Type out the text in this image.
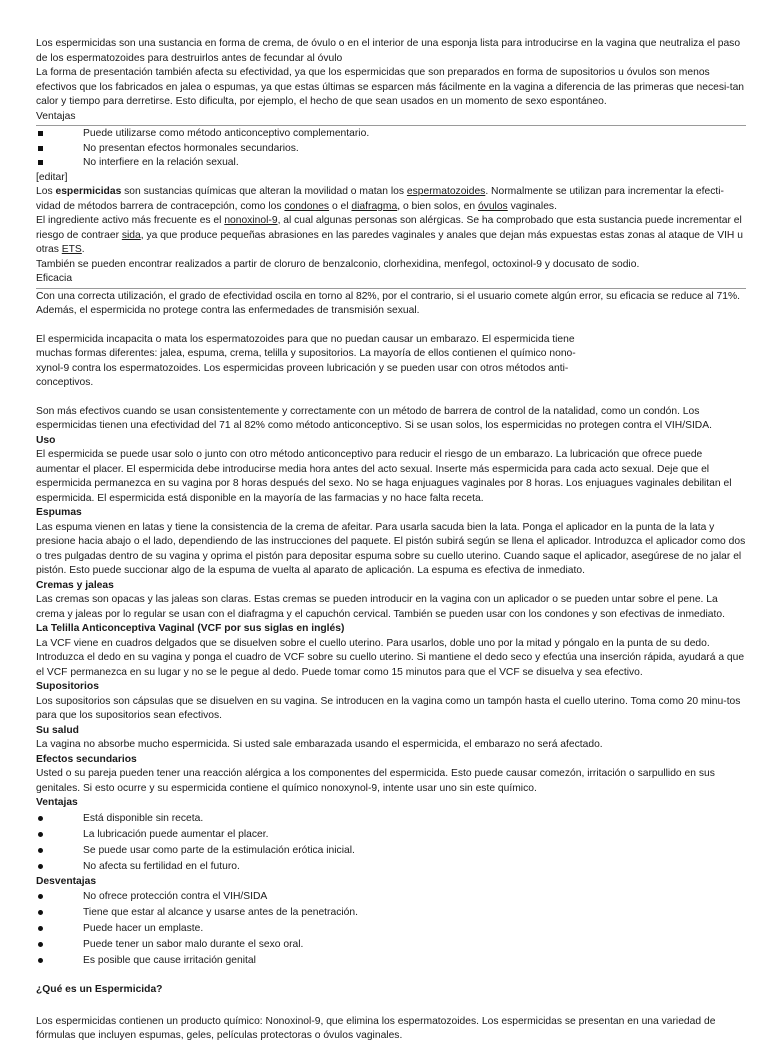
Los espermicidas son una sustancia en forma de crema, de óvulo o en el interior de una esponja lista para introducirse en la vagina que neutraliza el paso de los espermatozoides para destruirlos antes de fecundar al óvulo

La forma de presentación también afecta su efectividad, ya que los espermicidas que son preparados en forma de supositorios u óvulos son menos efectivos que los fabricados en jalea o espumas, ya que estas últimas se esparcen más fácilmente en la vagina a diferencia de las primeras que necesi-tan calor y tiempo para derretirse. Esto dificulta, por ejemplo, el hecho de que sean usados en un momento de sexo espontáneo.

Ventajas

Puede utilizarse como método anticonceptivo complementario.
No presentan efectos hormonales secundarios.
No interfiere en la relación sexual.

[editar]

Los espermicidas son sustancias químicas que alteran la movilidad o matan los espermatozoides. Normalmente se utilizan para incrementar la efecti-vidad de métodos barrera de contracepción, como los condones o el diafragma, o bien solos, en óvulos vaginales.

El ingrediente activo más frecuente es el nonoxinol-9, al cual algunas personas son alérgicas. Se ha comprobado que esta sustancia puede incrementar el riesgo de contraer sida, ya que produce pequeñas abrasiones en las paredes vaginales y anales que dejan más expuestas estas zonas al ataque de VIH u otras ETS.

También se pueden encontrar realizados a partir de cloruro de benzalconio, clorhexidina, menfegol, octoxinol-9 y docusato de sodio.

Eficacia

Con una correcta utilización, el grado de efectividad oscila en torno al 82%, por el contrario, si el usuario comete algún error, su eficacia se reduce al 71%. Además, el espermicida no protege contra las enfermedades de transmisión sexual.

El espermicida incapacita o mata los espermatozoides para que no puedan causar un embarazo. El espermicida tiene muchas formas diferentes: jalea, espuma, crema, telilla y supositorios. La mayoría de ellos contienen el químico nono-xynol-9 contra los espermatozoides. Los espermicidas proveen lubricación y se pueden usar con otros métodos anti-conceptivos.

Son más efectivos cuando se usan consistentemente y correctamente con un método de barrera de control de la natalidad, como un condón. Los espermicidas tienen una efectividad del 71 al 82% como método anticonceptivo. Si se usan solos, los espermicidas no protegen contra el VIH/SIDA.

Uso

El espermicida se puede usar solo o junto con otro método anticonceptivo para reducir el riesgo de un embarazo. La lubricación que ofrece puede aumentar el placer. El espermicida debe introducirse media hora antes del acto sexual. Inserte más espermicida para cada acto sexual. Deje que el espermicida permanezca en su vagina por 8 horas después del sexo. No se haga enjuagues vaginales por 8 horas. Los enjuagues vaginales debilitan el espermicida. El espermicida está disponible en la mayoría de las farmacias y no hace falta receta.

Espumas

Las espuma vienen en latas y tiene la consistencia de la crema de afeitar. Para usarla sacuda bien la lata. Ponga el aplicador en la punta de la lata y presione hacia abajo o el lado, dependiendo de las instrucciones del paquete. El pistón subirá según se llena el aplicador. Introduzca el aplicador como dos o tres pulgadas dentro de su vagina y oprima el pistón para depositar espuma sobre su cuello uterino. Cuando saque el aplicador, asegúrese de no jalar el pistón. Esto puede succionar algo de la espuma de vuelta al aparato de aplicación. La espuma es efectiva de inmediato.

Cremas y jaleas

Las cremas son opacas y las jaleas son claras. Estas cremas se pueden introducir en la vagina con un aplicador o se pueden untar sobre el pene. La crema y jaleas por lo regular se usan con el diafragma y el capuchón cervical. También se pueden usar con los condones y son efectivas de inmediato.

La Telilla Anticonceptiva Vaginal (VCF por sus siglas en inglés)

La VCF viene en cuadros delgados que se disuelven sobre el cuello uterino. Para usarlos, doble uno por la mitad y póngalo en la punta de su dedo. Introduzca el dedo en su vagina y ponga el cuadro de VCF sobre su cuello uterino. Si mantiene el dedo seco y efectúa una inserción rápida, ayudará a que el VCF permanezca en su lugar y no se le pegue al dedo. Puede tomar como 15 minutos para que el VCF se disuelva y sea efectivo.

Supositorios

Los supositorios son cápsulas que se disuelven en su vagina. Se introducen en la vagina como un tampón hasta el cuello uterino. Toma como 20 minu-tos para que los supositorios sean efectivos.

Su salud

La vagina no absorbe mucho espermicida. Si usted sale embarazada usando el espermicida, el embarazo no será afectado.

Efectos secundarios

Usted o su pareja pueden tener una reacción alérgica a los componentes del espermicida. Esto puede causar comezón, irritación o sarpullido en sus genitales. Si esto ocurre y su espermicida contiene el químico nonoxynol-9, intente usar uno sin este químico.

Ventajas

Está disponible sin receta.
La lubricación puede aumentar el placer.
Se puede usar como parte de la estimulación erótica inicial.
No afecta su fertilidad en el futuro.

Desventajas

No ofrece protección contra el VIH/SIDA
Tiene que estar al alcance y usarse antes de la penetración.
Puede hacer un emplaste.
Puede tener un sabor malo durante el sexo oral.
Es posible que cause irritación genital

¿Qué es un Espermicida?

Los espermicidas contienen un producto químico: Nonoxinol-9, que elimina los espermatozoides. Los espermicidas se presentan en una variedad de fórmulas que incluyen espumas, geles, películas protectoras o óvulos vaginales.
